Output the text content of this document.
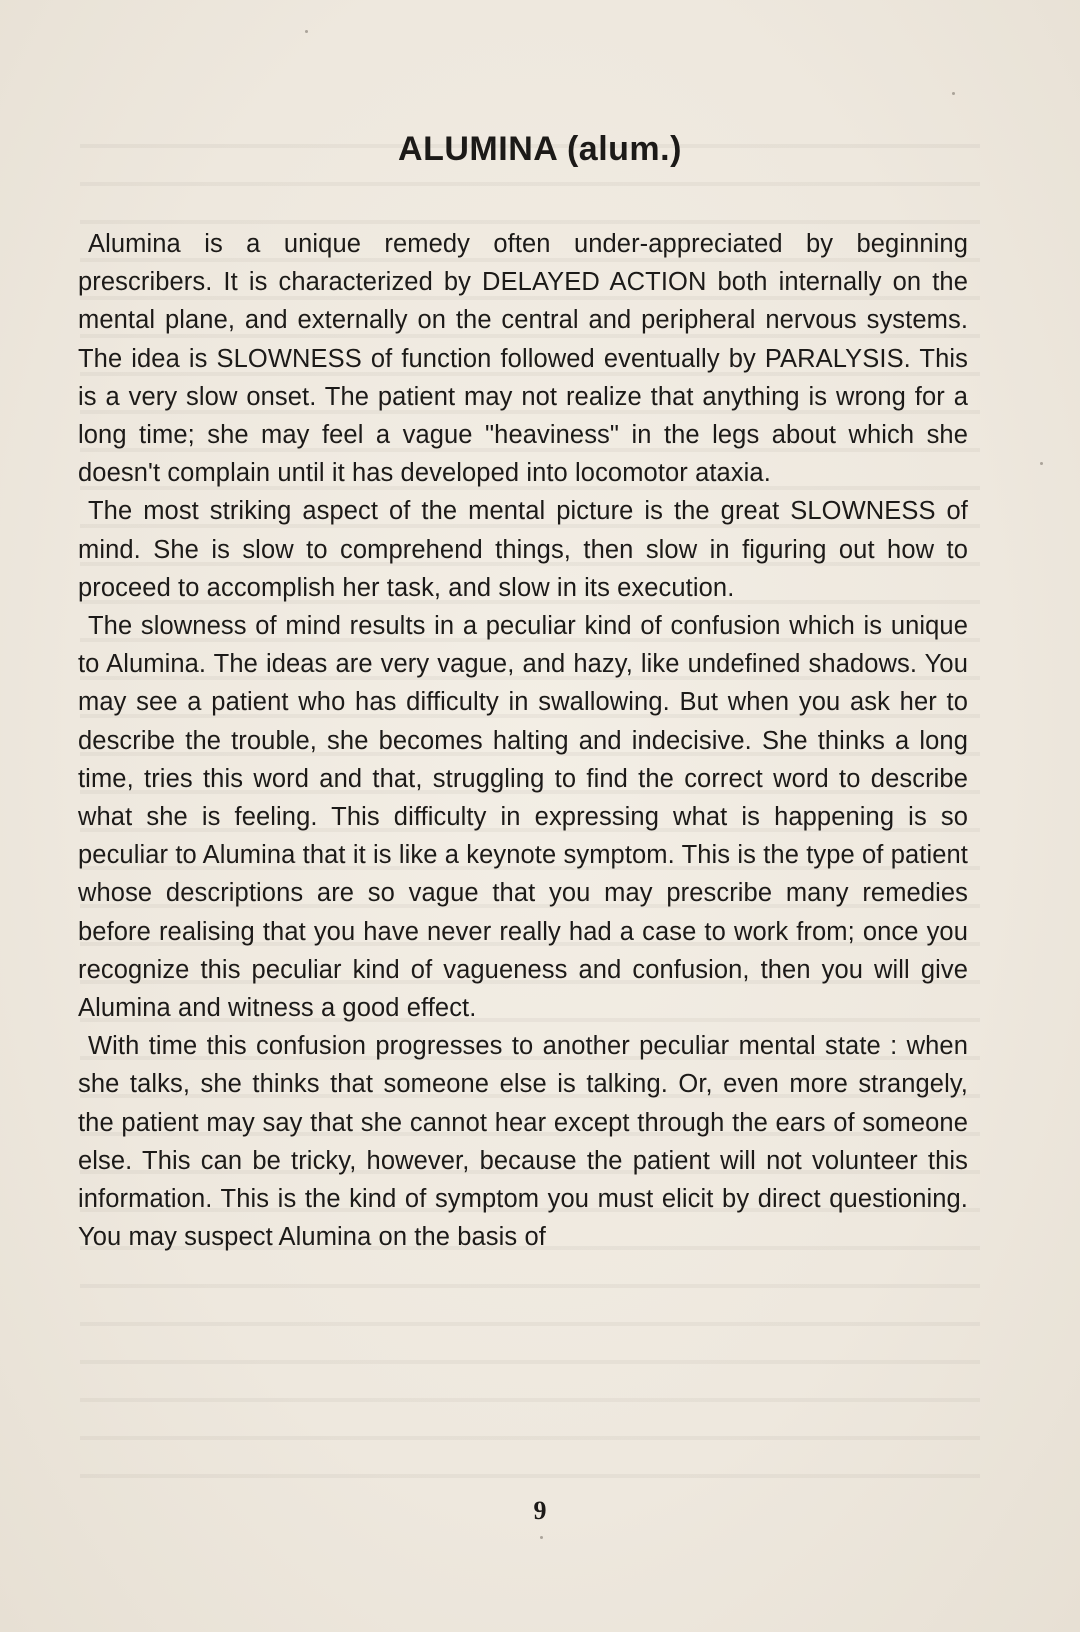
ALUMINA (alum.)

Alumina is a unique remedy often under-appreciated by beginning prescribers. It is characterized by DELAYED ACTION both internally on the mental plane, and externally on the central and peripheral nervous systems. The idea is SLOWNESS of function followed eventually by PARALYSIS. This is a very slow onset. The patient may not realize that anything is wrong for a long time; she may feel a vague "heaviness" in the legs about which she doesn't complain until it has developed into locomotor ataxia.

The most striking aspect of the mental picture is the great SLOWNESS of mind. She is slow to comprehend things, then slow in figuring out how to proceed to accomplish her task, and slow in its execution.

The slowness of mind results in a peculiar kind of confusion which is unique to Alumina. The ideas are very vague, and hazy, like undefined shadows. You may see a patient who has difficulty in swallowing. But when you ask her to describe the trouble, she becomes halting and indecisive. She thinks a long time, tries this word and that, struggling to find the correct word to describe what she is feeling. This difficulty in expressing what is happening is so peculiar to Alumina that it is like a keynote symptom. This is the type of patient whose descriptions are so vague that you may prescribe many remedies before realising that you have never really had a case to work from; once you recognize this peculiar kind of vagueness and confusion, then you will give Alumina and witness a good effect.

With time this confusion progresses to another peculiar mental state : when she talks, she thinks that someone else is talking. Or, even more strangely, the patient may say that she cannot hear except through the ears of someone else. This can be tricky, however, because the patient will not volunteer this information. This is the kind of symptom you must elicit by direct questioning. You may suspect Alumina on the basis of

9
